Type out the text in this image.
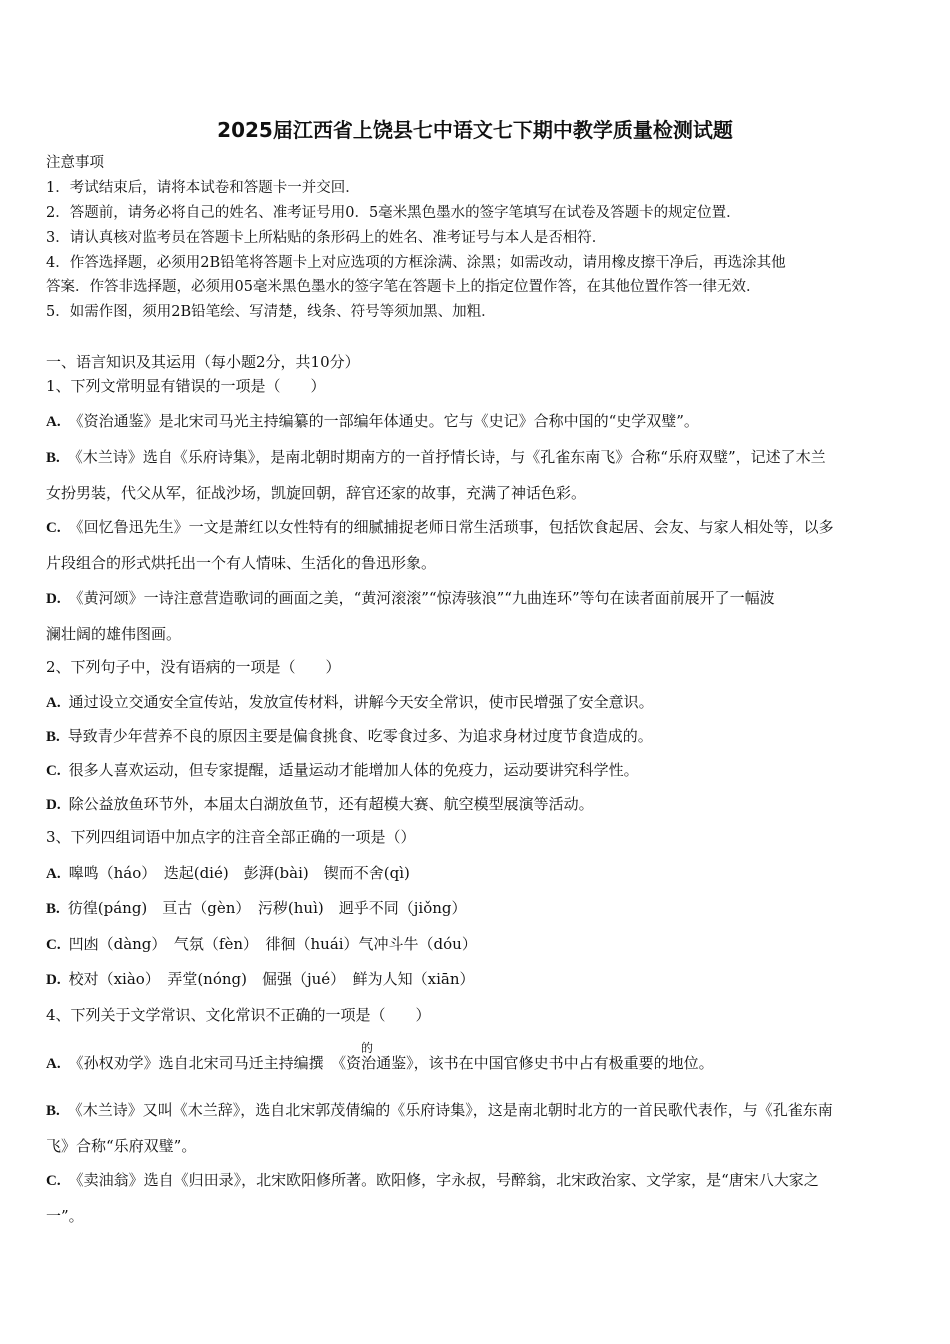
2025届江西省上饶县七中语文七下期中教学质量检测试题
注意事项
1．考试结束后，请将本试卷和答题卡一并交回．
2．答题前，请务必将自己的姓名、准考证号用0．5毫米黑色墨水的签字笔填写在试卷及答题卡的规定位置．
3．请认真核对监考员在答题卡上所粘贴的条形码上的姓名、准考证号与本人是否相符．
4．作答选择题，必须用2B铅笔将答题卡上对应选项的方框涂满、涂黑；如需改动，请用橡皮擦干净后，再选涂其他
答案．作答非选择题，必须用05毫米黑色墨水的签字笔在答题卡上的指定位置作答，在其他位置作答一律无效．
5．如需作图，须用2B铅笔绘、写清楚，线条、符号等须加黑、加粗．
一、语言知识及其运用（每小题2分，共10分）
1、下列文常明显有错误的一项是（　　）
A. 《资治通鉴》是北宋司马光主持编纂的一部编年体通史。它与《史记》合称中国的“史学双璧”。
B. 《木兰诗》选自《乐府诗集》，是南北朝时期南方的一首抒情长诗，与《孔雀东南飞》合称“乐府双璧”，记述了木兰
女扮男装，代父从军，征战沙场，凯旋回朝，辞官还家的故事，充满了神话色彩。
C. 《回忆鲁迅先生》一文是萧红以女性特有的细腻捕捉老师日常生活琐事，包括饮食起居、会友、与家人相处等，以多
片段组合的形式烘托出一个有人情味、生活化的鲁迅形象。
D. 《黄河颂》一诗注意营造歌词的画面之美，“黄河滚滚”“惊涛骇浪”“九曲连环”等句在读者面前展开了一幅波
澜壮阔的雄伟图画。
2、下列句子中，没有语病的一项是（　　）
A. 通过设立交通安全宣传站，发放宣传材料，讲解今天安全常识，使市民增强了安全意识。
B. 导致青少年营养不良的原因主要是偏食挑食、吃零食过多、为追求身材过度节食造成的。
C. 很多人喜欢运动，但专家提醒，适量运动才能增加人体的免疫力，运动要讲究科学性。
D. 除公益放鱼环节外，本届太白湖放鱼节，还有超模大赛、航空模型展演等活动。
3、下列四组词语中加点字的注音全部正确的一项是（）
A. 嗥鸣（háo）　迭起(dié)　彭湃(bài)　锲而不舍(qì)
B. 彷徨(páng)　亘古（gèn）　污秽(huì)　迥乎不同（jiǒng）
C. 凹凼（dàng）　气氛（fèn）　徘徊（huái）气冲斗牛（dóu）
D. 校对（xiào）　弄堂(nóng)　倔强（jué）　鲜为人知（xiān）
4、下列关于文学常识、文化常识不正确的一项是（　　）
的
A. 《孙权劝学》选自北宋司马迁主持编撰　《资治通鉴》，该书在中国官修史书中占有极重要的地位。
B. 《木兰诗》又叫《木兰辞》，选自北宋郭茂倩编的《乐府诗集》，这是南北朝时北方的一首民歌代表作，与《孔雀东南
飞》合称“乐府双璧”。
C. 《卖油翁》选自《归田录》，北宋欧阳修所著。欧阳修，字永叔，号醉翁，北宋政治家、文学家，是“唐宋八大家之
一”。
